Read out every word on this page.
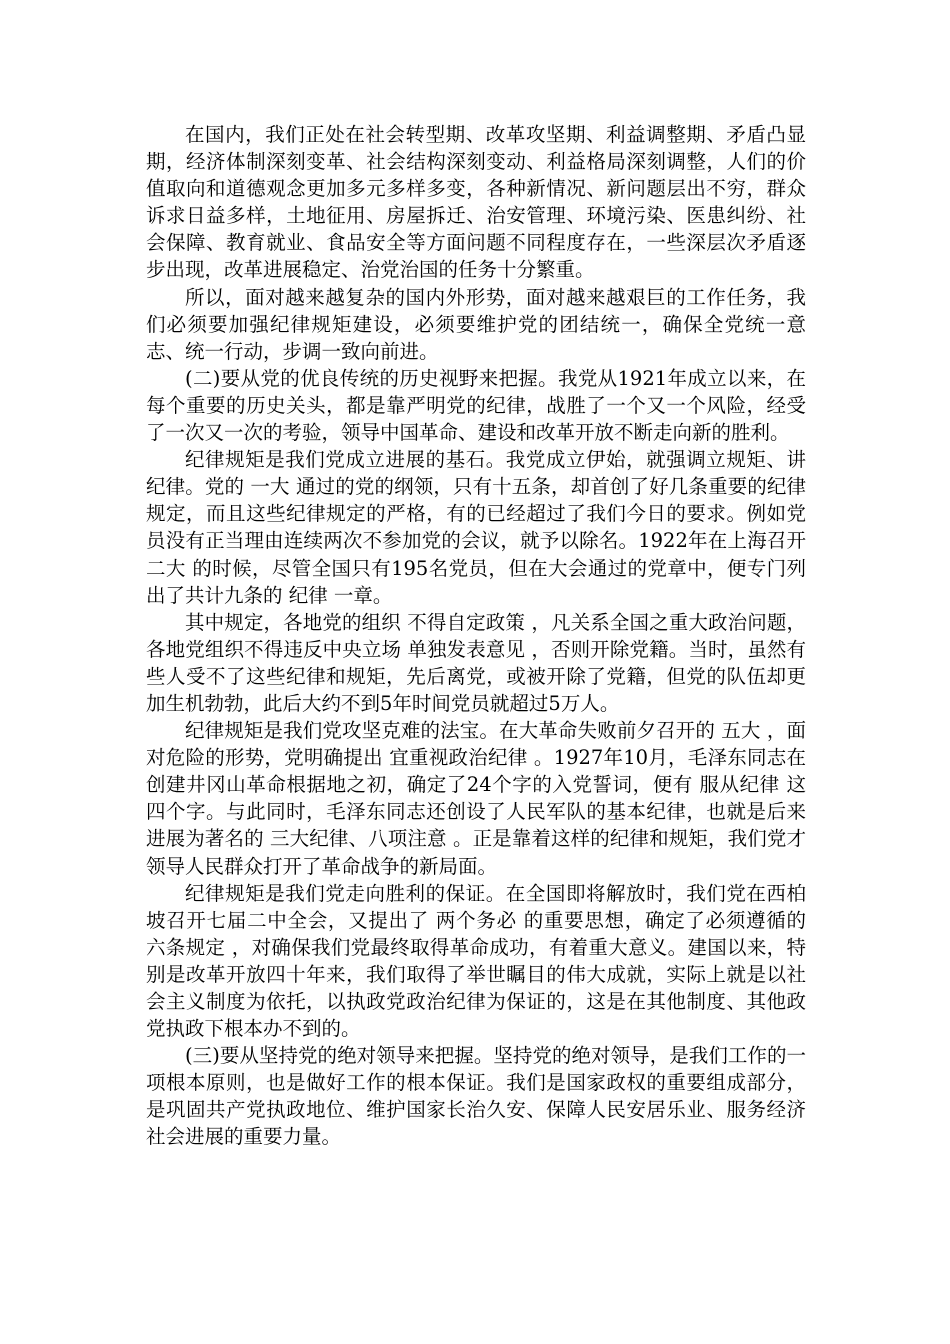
在国内，我们正处在社会转型期、改革攻坚期、利益调整期、矛盾凸显期，经济体制深刻变革、社会结构深刻变动、利益格局深刻调整，人们的价值取向和道德观念更加多元多样多变，各种新情况、新问题层出不穷，群众诉求日益多样，土地征用、房屋拆迁、治安管理、环境污染、医患纠纷、社会保障、教育就业、食品安全等方面问题不同程度存在，一些深层次矛盾逐步出现，改革进展稳定、治党治国的任务十分繁重。

所以，面对越来越复杂的国内外形势，面对越来越艰巨的工作任务，我们必须要加强纪律规矩建设，必须要维护党的团结统一，确保全党统一意志、统一行动，步调一致向前进。

(二)要从党的优良传统的历史视野来把握。我党从1921年成立以来，在每个重要的历史关头，都是靠严明党的纪律，战胜了一个又一个风险，经受了一次又一次的考验，领导中国革命、建设和改革开放不断走向新的胜利。

纪律规矩是我们党成立进展的基石。我党成立伊始，就强调立规矩、讲纪律。党的 一大 通过的党的纲领，只有十五条，却首创了好几条重要的纪律规定，而且这些纪律规定的严格，有的已经超过了我们今日的要求。例如党员没有正当理由连续两次不参加党的会议，就予以除名。1922年在上海召开 二大 的时候，尽管全国只有195名党员，但在大会通过的党章中，便专门列出了共计九条的 纪律 一章。

其中规定，各地党的组织 不得自定政策 ，凡关系全国之重大政治问题，各地党组织不得违反中央立场 单独发表意见 ，否则开除党籍。当时，虽然有些人受不了这些纪律和规矩，先后离党，或被开除了党籍，但党的队伍却更加生机勃勃，此后大约不到5年时间党员就超过5万人。

纪律规矩是我们党攻坚克难的法宝。在大革命失败前夕召开的 五大 ，面对危险的形势，党明确提出 宜重视政治纪律 。1927年10月，毛泽东同志在创建井冈山革命根据地之初，确定了24个字的入党誓词，便有 服从纪律 这四个字。与此同时，毛泽东同志还创设了人民军队的基本纪律，也就是后来进展为著名的 三大纪律、八项注意 。正是靠着这样的纪律和规矩，我们党才领导人民群众打开了革命战争的新局面。

纪律规矩是我们党走向胜利的保证。在全国即将解放时，我们党在西柏坡召开七届二中全会，又提出了 两个务必 的重要思想，确定了必须遵循的 六条规定 ，对确保我们党最终取得革命成功，有着重大意义。建国以来，特别是改革开放四十年来，我们取得了举世瞩目的伟大成就，实际上就是以社会主义制度为依托，以执政党政治纪律为保证的，这是在其他制度、其他政党执政下根本办不到的。

(三)要从坚持党的绝对领导来把握。坚持党的绝对领导，是我们工作的一项根本原则，也是做好工作的根本保证。我们是国家政权的重要组成部分，是巩固共产党执政地位、维护国家长治久安、保障人民安居乐业、服务经济社会进展的重要力量。
